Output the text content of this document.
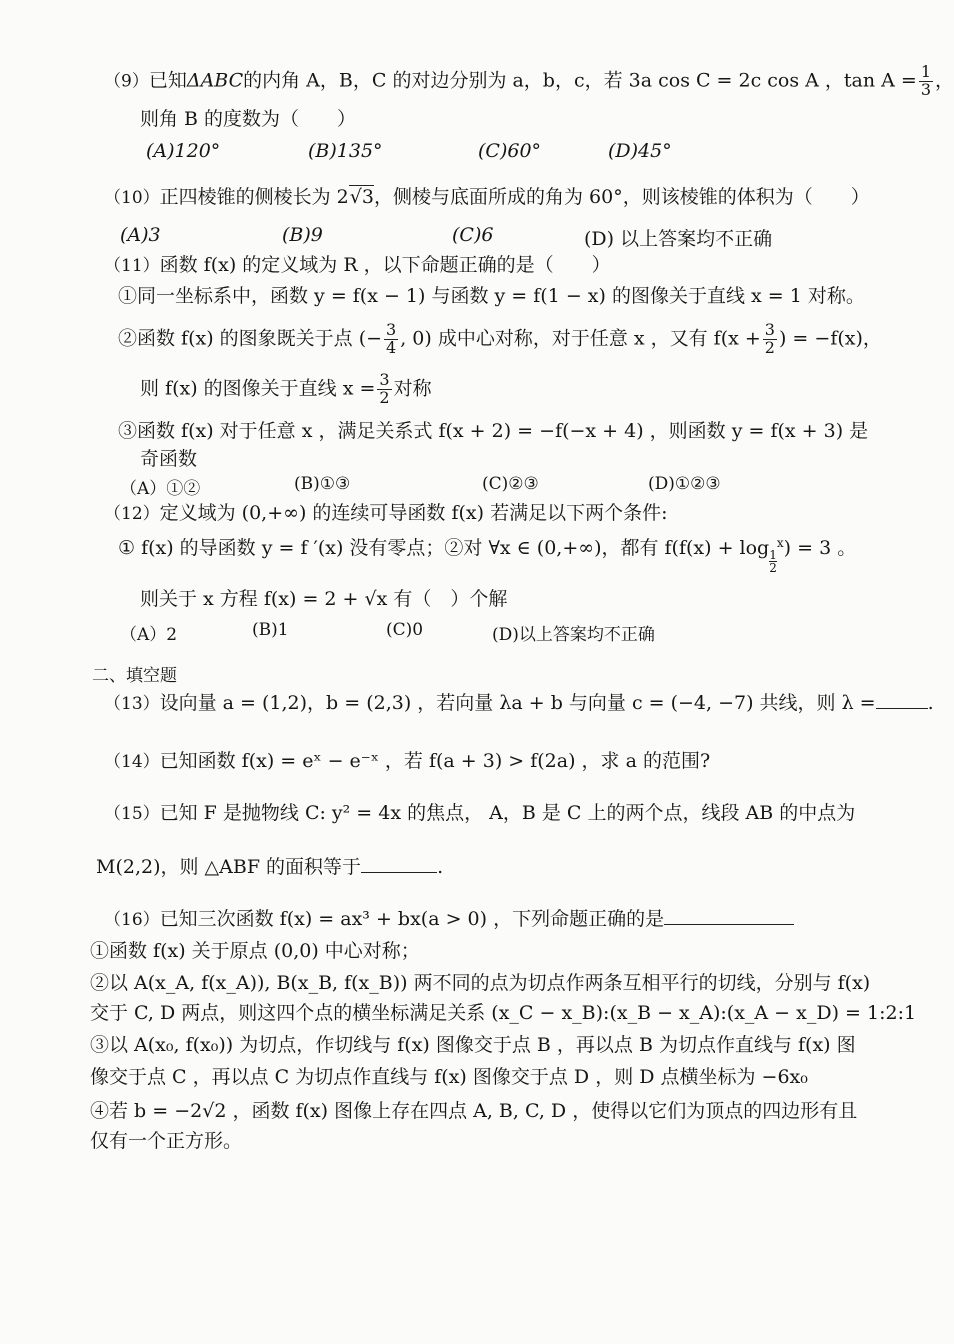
（9）已知ΔABC的内角 A，B，C 的对边分别为 a，b，c，若 3a cos C = 2c cos A ，$\tan A = \frac{1}{3}$ ，
则角 B 的度数为（　　）
(A)120°	(B)135°	(C)60°	(D)45°
（10）正四棱锥的侧棱长为 2√3，侧棱与底面所成的角为 60°，则该棱锥的体积为（　　）
(A)3	(B)9	(C)6	(D) 以上答案均不正确
（11）函数 f(x) 的定义域为 R ，以下命题正确的是（　　）
①同一坐标系中，函数 y = f(x − 1) 与函数 y = f(1 − x) 的图像关于直线 x = 1 对称。
②函数 f(x) 的图象既关于点 (− $\frac{3}{4}$ , 0) 成中心对称，对于任意 x ，又有 $f(x + \frac{3}{2}$ ) = −f(x)，
则 f(x) 的图像关于直线 $x = \frac{3}{2}$ 对称
③函数 f(x) 对于任意 x ，满足关系式 f(x + 2) = −f(−x + 4) ，则函数 y = f(x + 3) 是
奇函数
（A）①②	(B)①③	(C)②③	(D)①②③
（12）定义域为 (0,+∞) 的连续可导函数 f(x) 若满足以下两个条件:
① f(x) 的导函数 y = f ′(x) 没有零点；②对 ∀x ∈ (0,+∞)，都有 f(f(x) + log
$\frac{1}{2}^x) = 3$ 。
则关于 x 方程 f(x) = 2 + √x 有（　）个解
（A）2	(B)1	(C)0	(D)以上答案均不正确
二、填空题
（13）设向量 a = (1,2)，b = (2,3) ，若向量 λa + b 与向量 c = (−4, −7) 共线，则 λ =	.
（14）已知函数 f(x) = eˣ − e⁻ˣ ，若 f(a + 3) > f(2a) ，求 a 的范围?
（15）已知 F 是抛物线 C: y² = 4x 的焦点， A，B 是 C 上的两个点，线段 AB 的中点为
M(2,2)，则 △ABF 的面积等于	.
（16）已知三次函数 f(x) = ax³ + bx(a > 0) ，下列命题正确的是
①函数 f(x) 关于原点 (0,0) 中心对称；
②以 A(x_A, f(x_A)), B(x_B, f(x_B)) 两不同的点为切点作两条互相平行的切线，分别与 f(x)
交于 C, D 两点，则这四个点的横坐标满足关系 (x_C − x_B):(x_B − x_A):(x_A − x_D) = 1:2:1
③以 A(x₀, f(x₀)) 为切点，作切线与 f(x) 图像交于点 B ，再以点 B 为切点作直线与 f(x) 图
像交于点 C ，再以点 C 为切点作直线与 f(x) 图像交于点 D ，则 D 点横坐标为 −6x₀
④若 b = −2√2 ，函数 f(x) 图像上存在四点 A, B, C, D ，使得以它们为顶点的四边形有且
仅有一个正方形。
